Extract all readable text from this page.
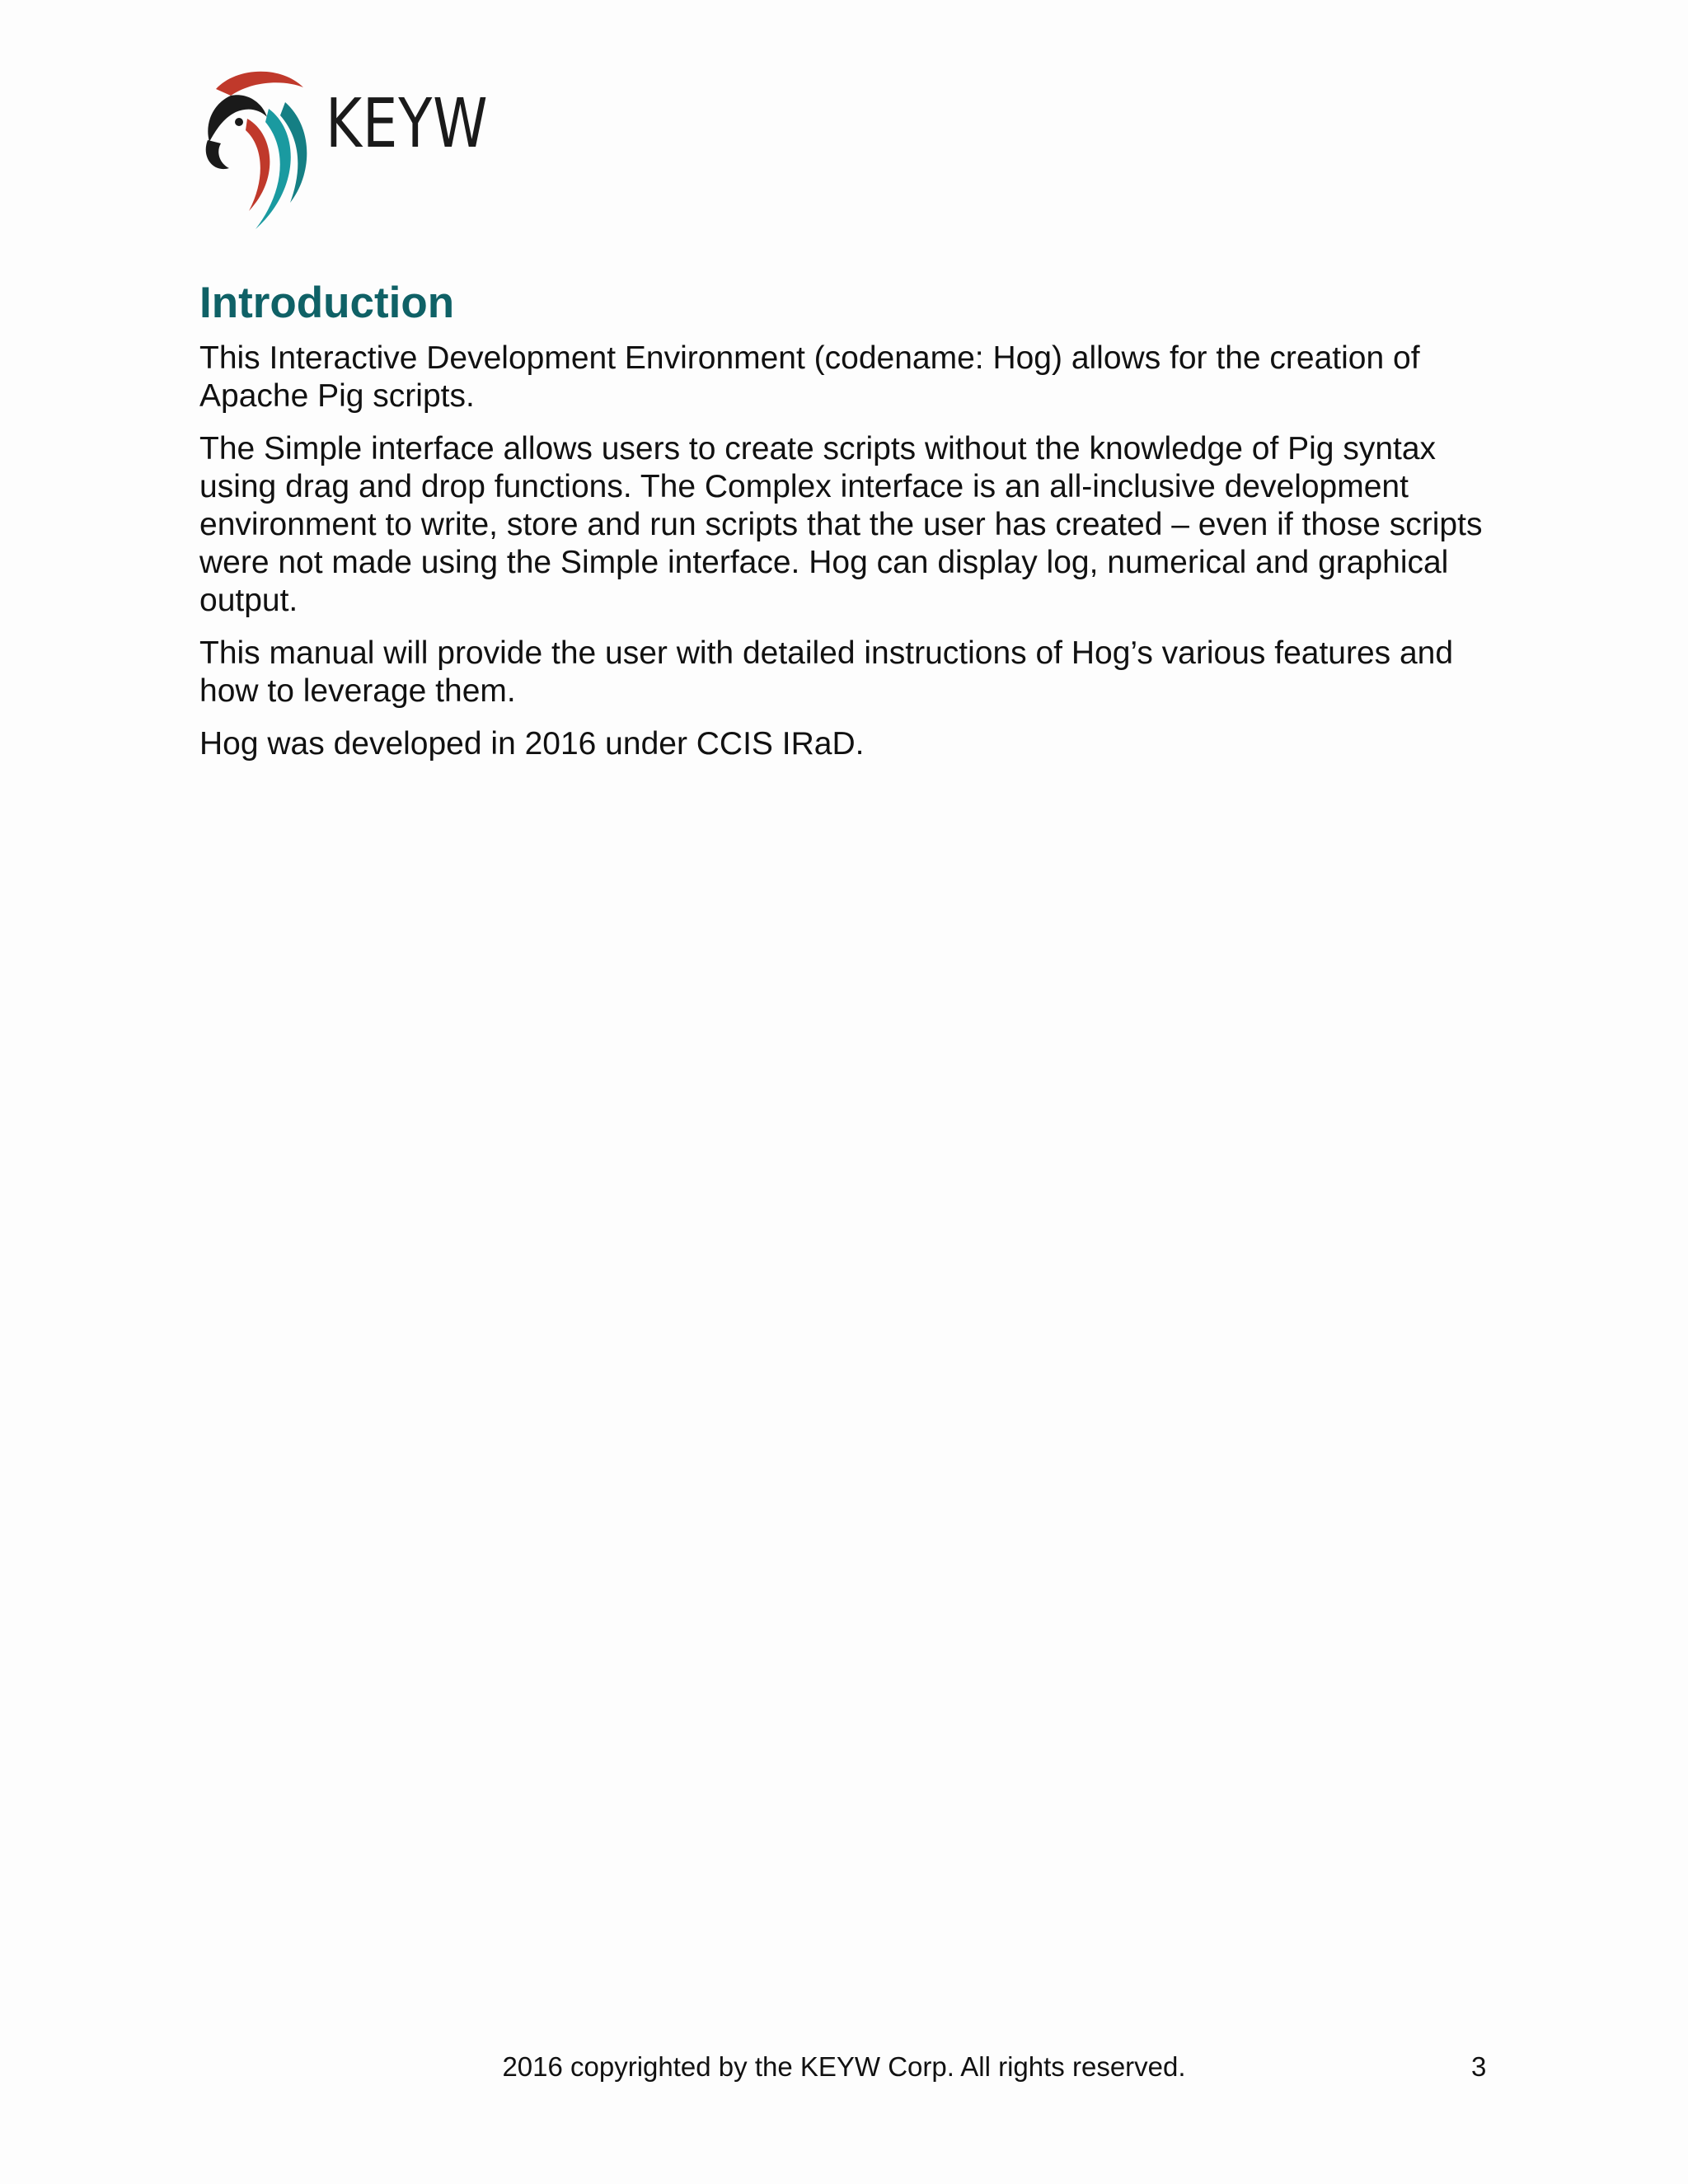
KEYW
Introduction

This Interactive Development Environment (codename: Hog) allows for the creation of Apache Pig scripts.

The Simple interface allows users to create scripts without the knowledge of Pig syntax using drag and drop functions. The Complex interface is an all-inclusive development environment to write, store and run scripts that the user has created – even if those scripts were not made using the Simple interface. Hog can display log, numerical and graphical output.

This manual will provide the user with detailed instructions of Hog’s various features and how to leverage them.

Hog was developed in 2016 under CCIS IRaD.

2016 copyrighted by the KEYW Corp. All rights reserved.	3
